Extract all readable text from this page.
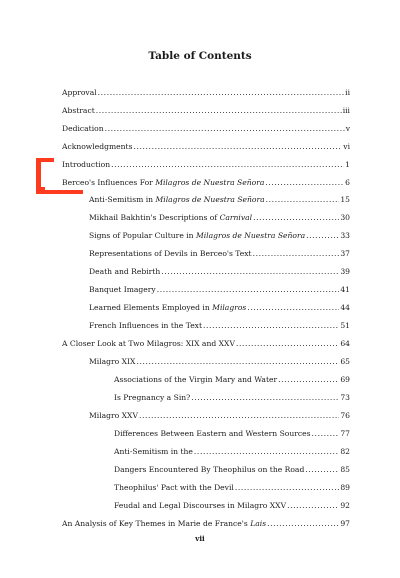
Table of Contents
Approval .....	ii
Abstract .....	iii
Dedication .....	v
Acknowledgments .....	vi
Introduction .....	1
Berceo's Influences For Milagros de Nuestra Señora .....	6
Anti-Semitism in Milagros de Nuestra Señora .....	15
Mikhail Bakhtin's Descriptions of Carnival .....	30
Signs of Popular Culture in Milagros de Nuestra Señora .....	33
Representations of Devils in Berceo's Text .....	37
Death and Rebirth .....	39
Banquet Imagery .....	41
Learned Elements Employed in Milagros .....	44
French Influences in the Text .....	51
A Closer Look at Two Milagros: XIX and XXV .....	64
Milagro XIX .....	65
Associations of the Virgin Mary and Water .....	69
Is Pregnancy a Sin? .....	73
Milagro XXV .....	76
Differences Between Eastern and Western Sources .....	77
Anti-Semitism in the .....	82
Dangers Encountered By Theophilus on the Road .....	85
Theophilus' Pact with the Devil .....	89
Feudal and Legal Discourses in Milagro XXV .....	92
An Analysis of Key Themes in Marie de France's Lais .....	97
vii
